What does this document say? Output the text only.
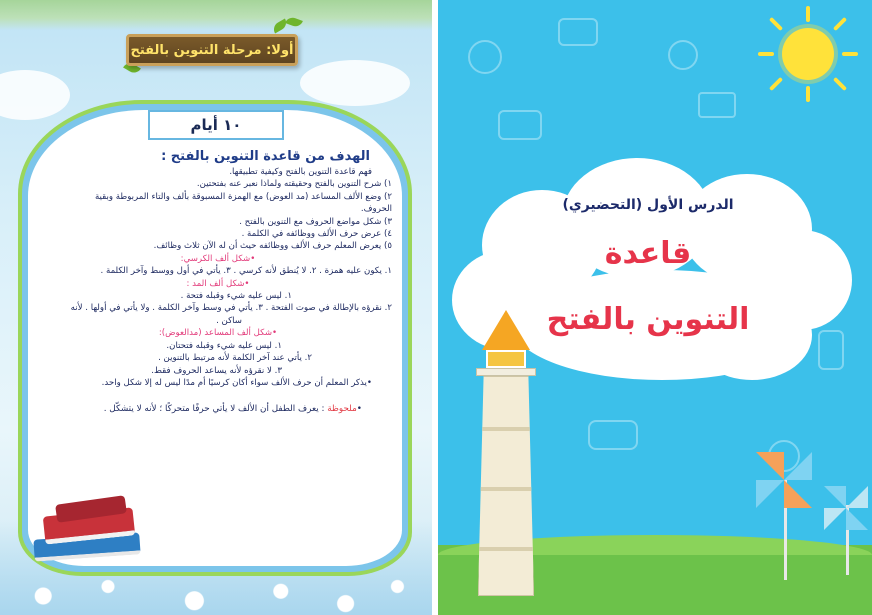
أولا: مرحلة التنوين بالفتح
١٠ أيام
الهدف من قاعدة التنوين بالفتح :
فهم قاعدة التنوين بالفتح وكيفية تطبيقها.
١) شرح التنوين بالفتح وحقيقته ولماذا نعبر عنه بفتحتين.
٢) وضع الألف المساعد (مد العوض) مع الهمزة المسبوقة بألف والتاء المربوطة وبقية
الحروف.
٣) شكل مواضع الحروف مع التنوين بالفتح .
٤) عرض حرف الألف ووظائفه في الكلمة .
٥) يعرض المعلم حرف الألف ووظائفه حيث أن له الآن ثلاث وظائف.
•شكل ألف الكرسي:
١. يكون عليه همزة . ٢. لا يُنطق لأنه كرسي . ٣. يأتي في أول ووسط وآخر الكلمة .
•شكل ألف المد :
١. ليس عليه شيء وقبله فتحة .
٢. نقرؤه بالإطالة في صوت الفتحة . ٣. يأتي في وسط وآخر الكلمة . ولا يأتي في أولها . لأنه
ساكن .
•شكل ألف المساعد (مدالعوض):
١. ليس عليه شيء وقبله فتحتان.
٢. يأتي عند آخر الكلمة لأنه مرتبط بالتنوين .
٣. لا نقرؤه لأنه يساعد الحروف فقط.
•يذكر المعلم أن حرف الألف سواء أكان كرسيًا أم مدًا ليس له إلا شكل واحد.
•ملحوظة : يعرف الطفل أن الألف لا يأتي حرفًا متحركًا ؛ لأنه لا يتشكّل .
الدرس الأول (التحضيري)
قاعدة
التنوين بالفتح
